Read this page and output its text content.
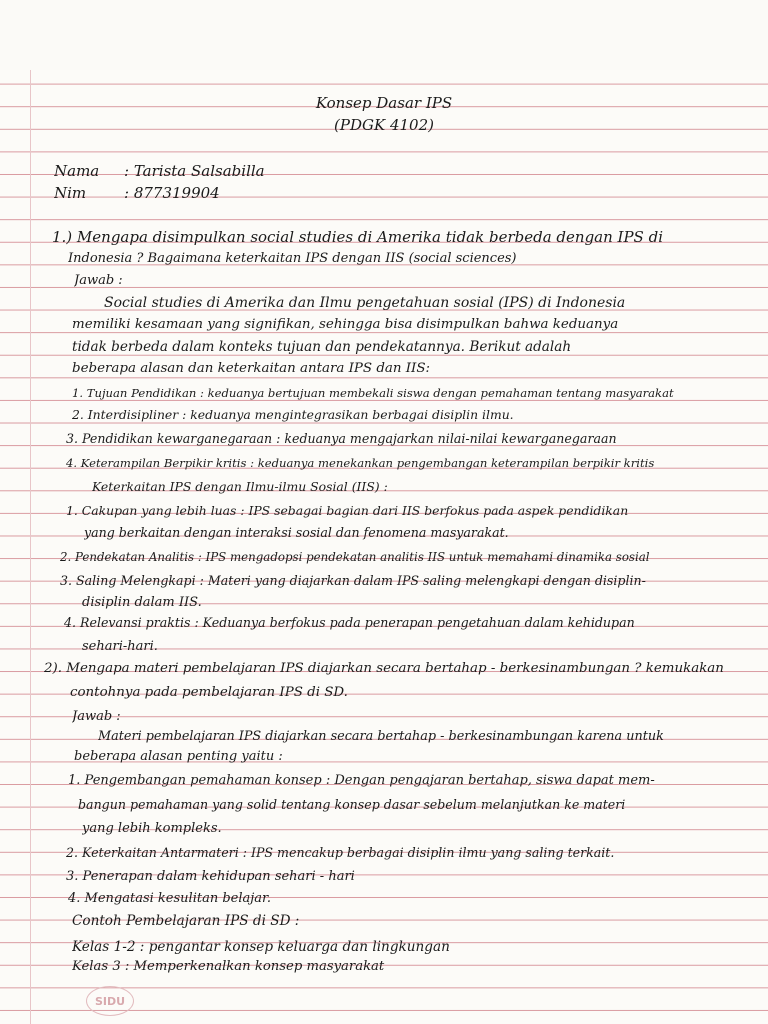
Konsep Dasar IPS
(PDGK 4102)
Nama	: Tarista Salsabilla
Nim	: 877319904
1.) Mengapa disimpulkan social studies di Amerika tidak berbeda dengan IPS di
Indonesia ? Bagaimana keterkaitan IPS dengan IIS (social sciences)
Jawab :
Social studies di Amerika dan Ilmu pengetahuan sosial (IPS) di Indonesia
memiliki kesamaan yang signifikan, sehingga bisa disimpulkan bahwa keduanya
tidak berbeda dalam konteks tujuan dan pendekatannya. Berikut adalah
beberapa alasan dan keterkaitan antara IPS dan IIS:
1. Tujuan Pendidikan : keduanya bertujuan membekali siswa dengan pemahaman tentang masyarakat
2. Interdisipliner : keduanya mengintegrasikan berbagai disiplin ilmu.
3. Pendidikan kewarganegaraan : keduanya mengajarkan nilai-nilai kewarganegaraan
4. Keterampilan Berpikir kritis : keduanya menekankan pengembangan keterampilan berpikir kritis
Keterkaitan IPS dengan Ilmu-ilmu Sosial (IIS) :
1. Cakupan yang lebih luas : IPS sebagai bagian dari IIS berfokus pada aspek pendidikan
yang berkaitan dengan interaksi sosial dan fenomena masyarakat.
2. Pendekatan Analitis : IPS mengadopsi pendekatan analitis IIS untuk memahami dinamika sosial
3. Saling Melengkapi : Materi yang diajarkan dalam IPS saling melengkapi dengan disiplin-
disiplin dalam IIS.
4. Relevansi praktis : Keduanya berfokus pada penerapan pengetahuan dalam kehidupan
sehari-hari.
2). Mengapa materi pembelajaran IPS diajarkan secara bertahap - berkesinambungan ? kemukakan
contohnya pada pembelajaran IPS di SD.
Jawab :
Materi pembelajaran IPS diajarkan secara bertahap - berkesinambungan karena untuk
beberapa alasan penting yaitu :
1. Pengembangan pemahaman konsep : Dengan pengajaran bertahap, siswa dapat mem-
bangun pemahaman yang solid tentang konsep dasar sebelum melanjutkan ke materi
yang lebih kompleks.
2. Keterkaitan Antarmateri : IPS mencakup berbagai disiplin ilmu yang saling terkait.
3. Penerapan dalam kehidupan sehari - hari
4. Mengatasi kesulitan belajar.
Contoh Pembelajaran IPS di SD :
Kelas 1-2 : pengantar konsep keluarga dan lingkungan
Kelas 3 : Memperkenalkan konsep masyarakat
SIDU
